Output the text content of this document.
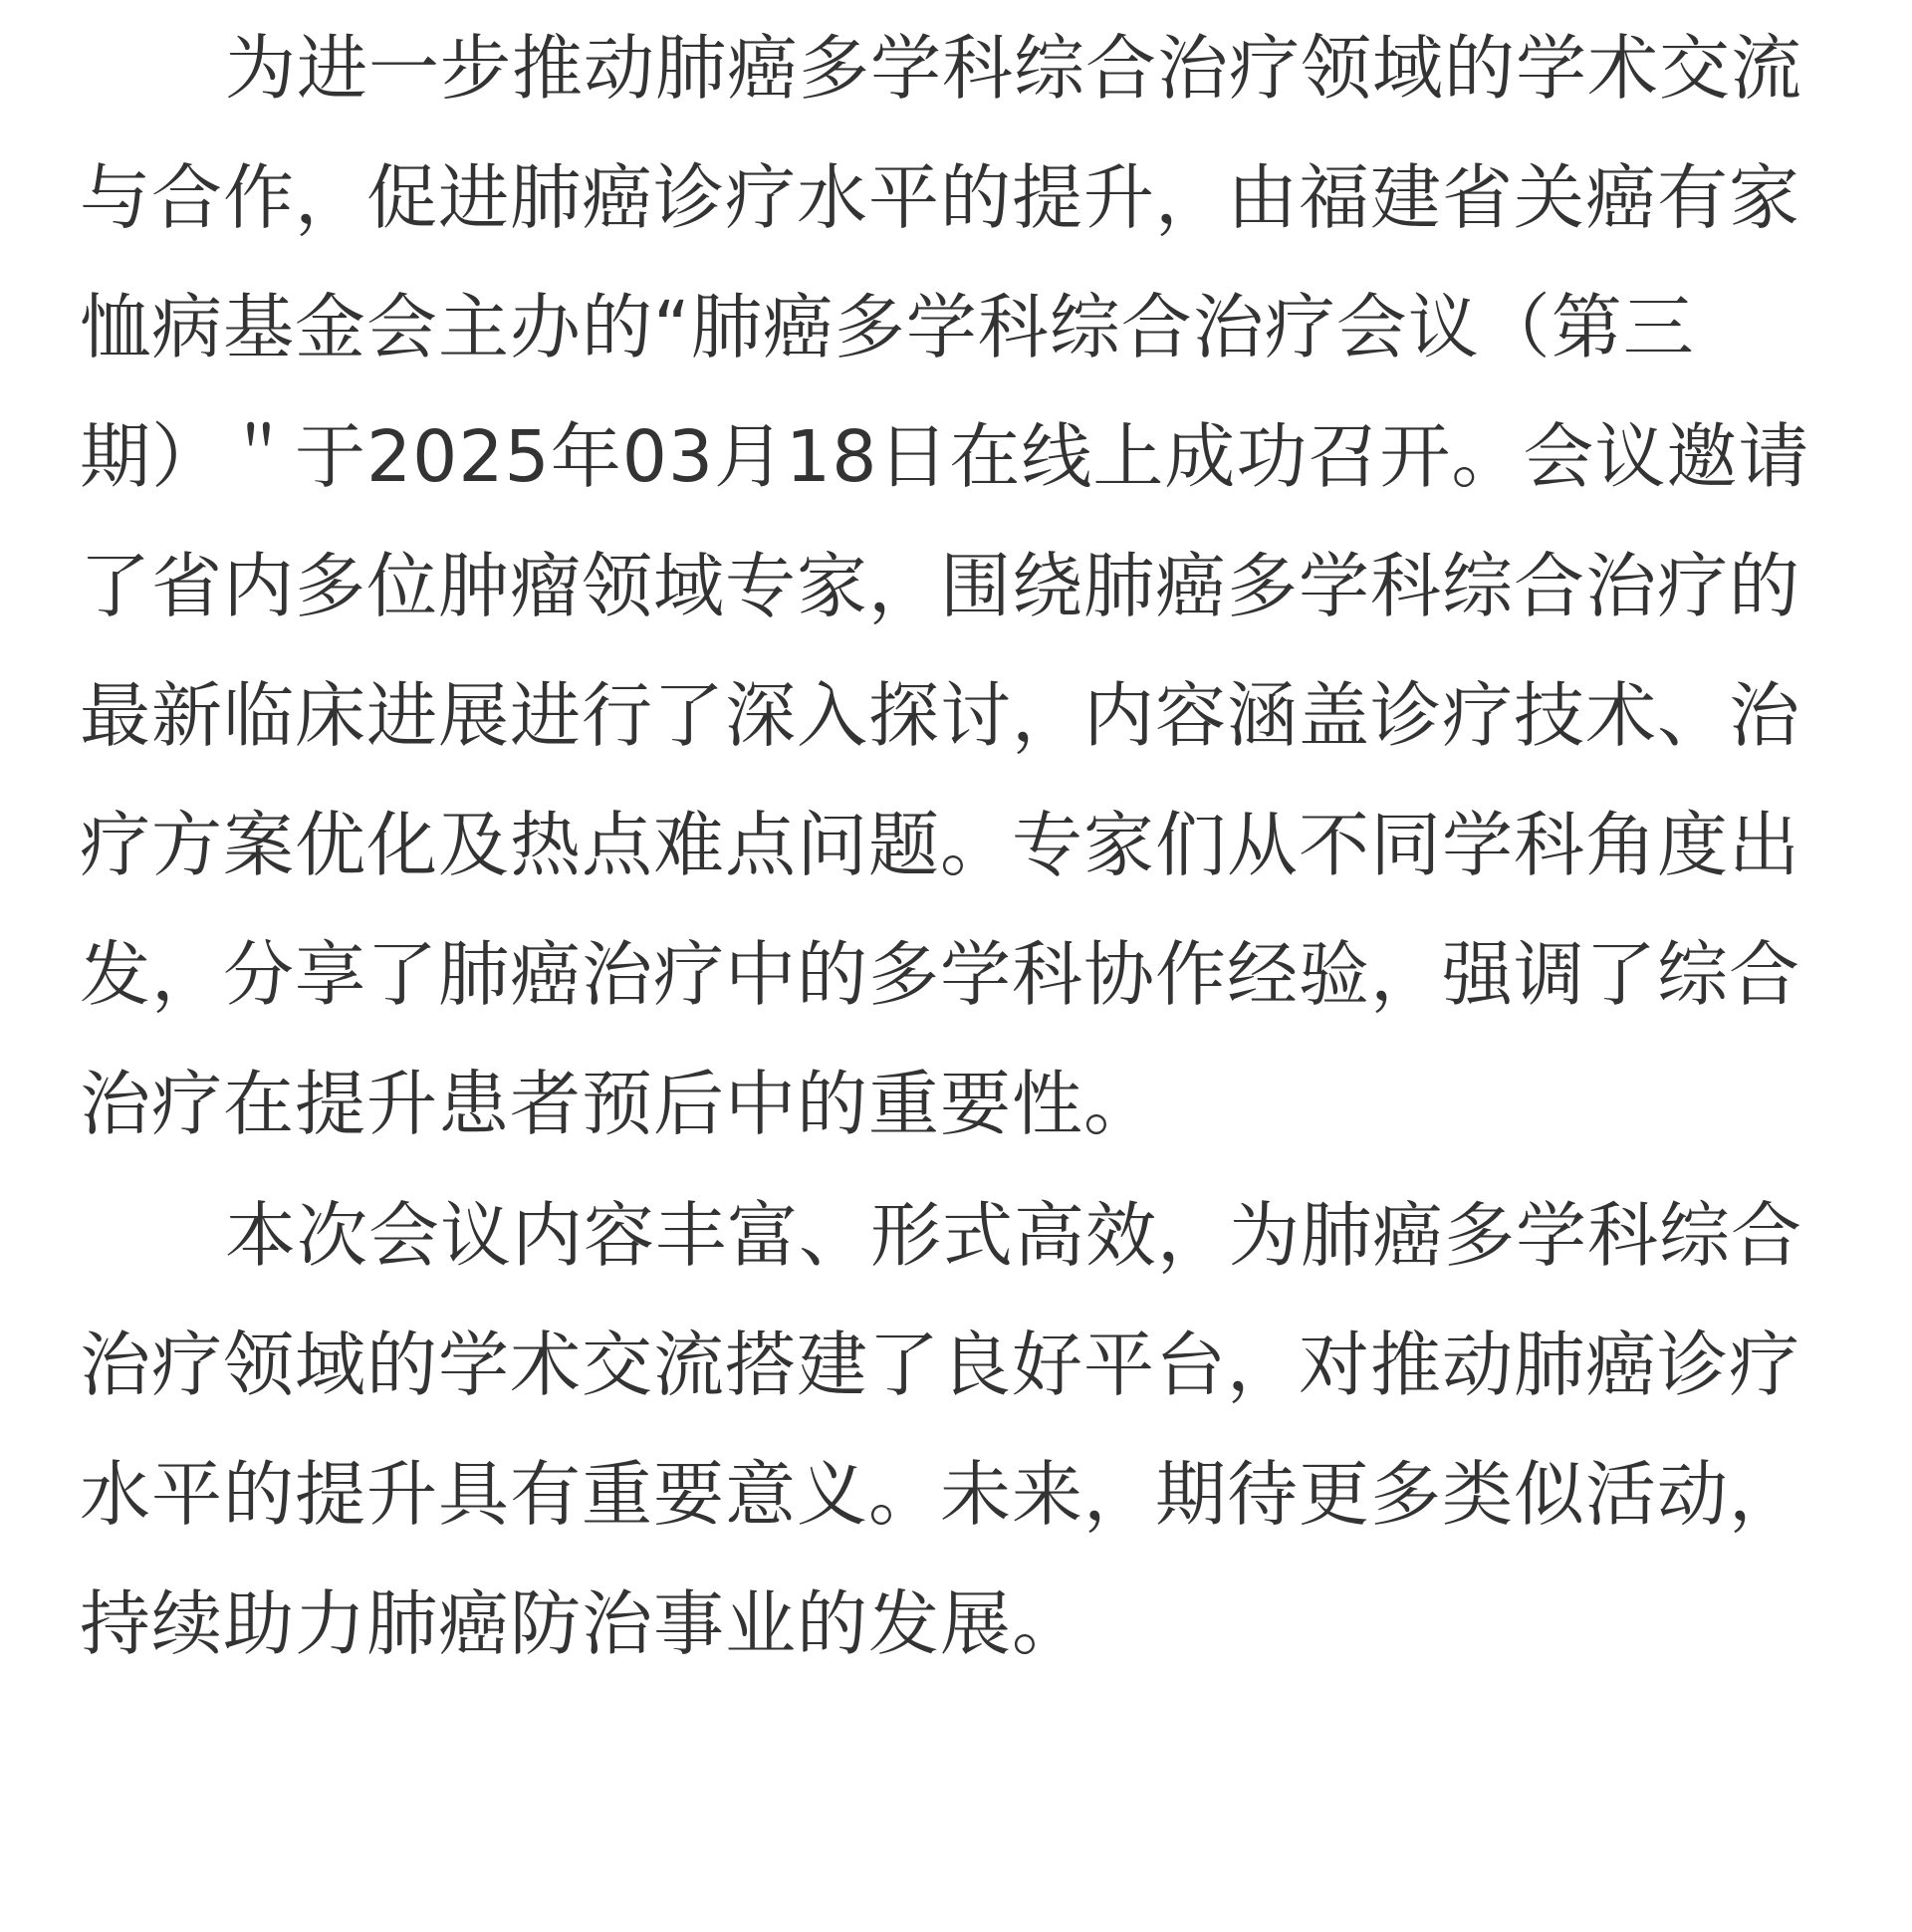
为进一步推动肺癌多学科综合治疗领域的学术交流
与合作，促进肺癌诊疗水平的提升，由福建省关癌有家
恤病基金会主办的“肺癌多学科综合治疗会议（第三
期）＂于2025年03月18日在线上成功召开。会议邀请
了省内多位肿瘤领域专家，围绕肺癌多学科综合治疗的
最新临床进展进行了深入探讨，内容涵盖诊疗技术、治
疗方案优化及热点难点问题。专家们从不同学科角度出
发，分享了肺癌治疗中的多学科协作经验，强调了综合
治疗在提升患者预后中的重要性。
本次会议内容丰富、形式高效，为肺癌多学科综合
治疗领域的学术交流搭建了良好平台，对推动肺癌诊疗
水平的提升具有重要意义。未来，期待更多类似活动，
持续助力肺癌防治事业的发展。
